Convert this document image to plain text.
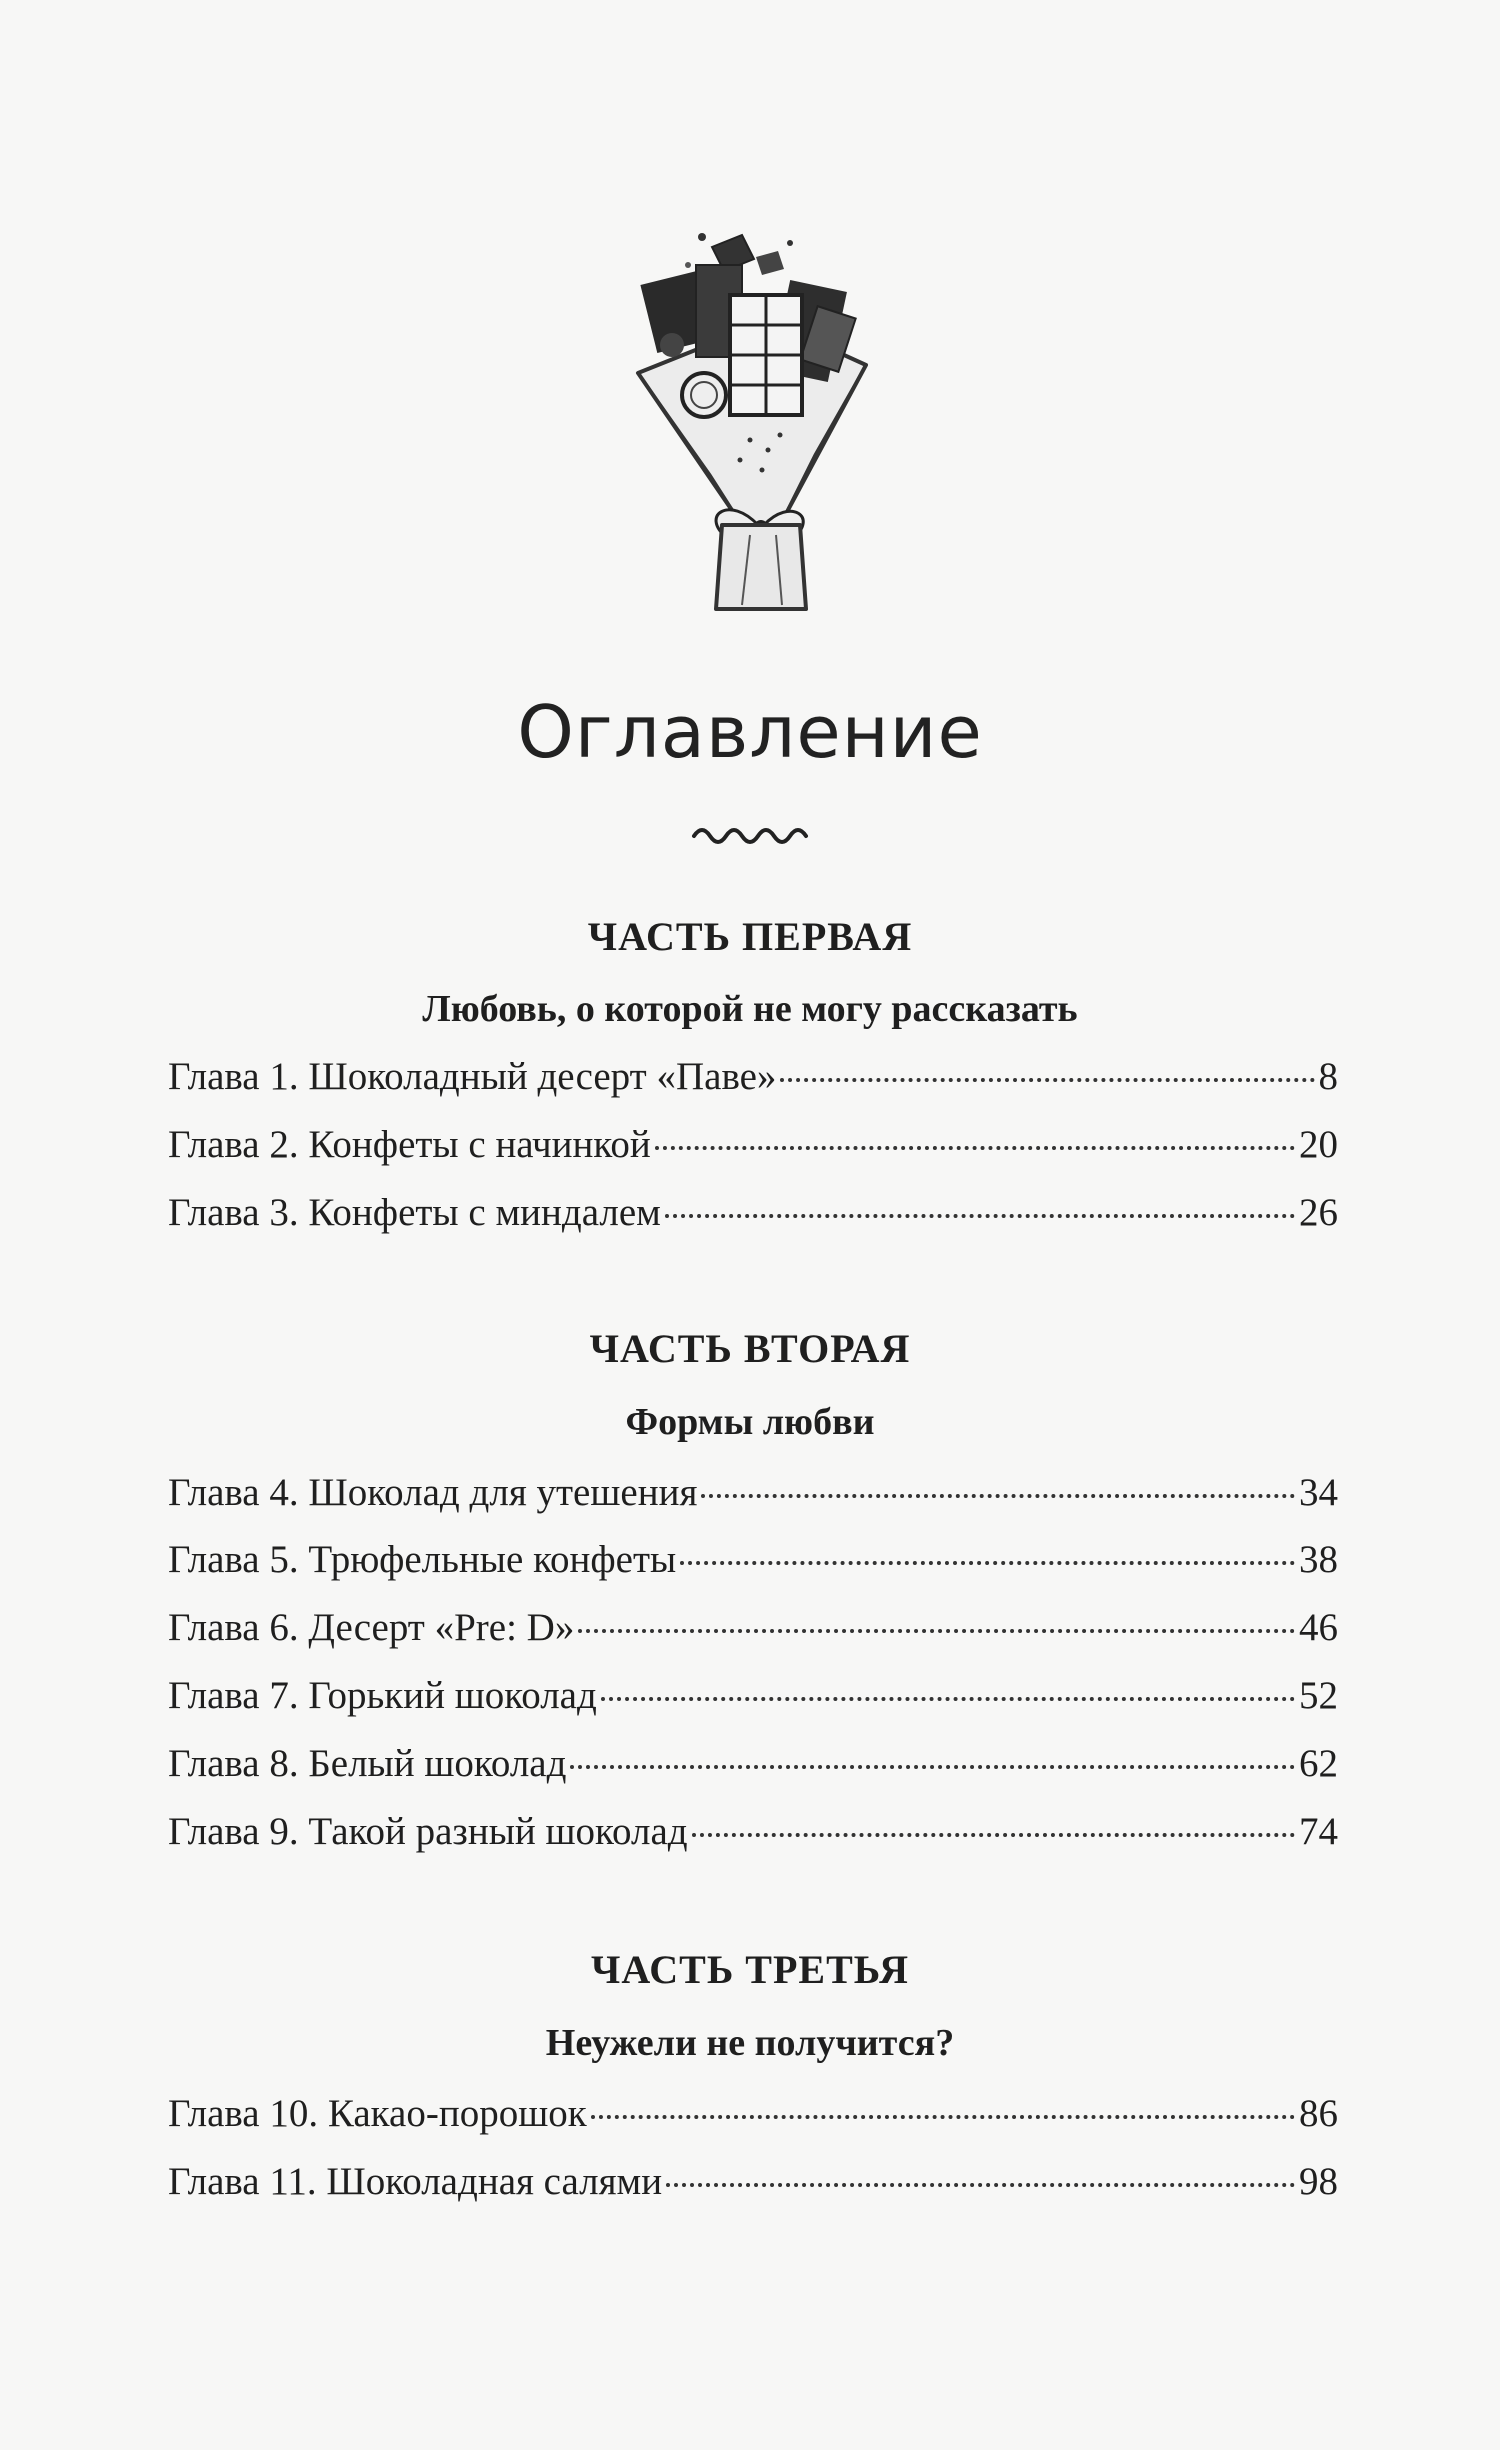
Оглавление
ЧАСТЬ ПЕРВАЯ
Любовь, о которой не могу рассказать
Глава 1. Шоколадный десерт «Паве»	8
Глава 2. Конфеты с начинкой	20
Глава 3. Конфеты с миндалем	26
ЧАСТЬ ВТОРАЯ
Формы любви
Глава 4. Шоколад для утешения	34
Глава 5. Трюфельные конфеты	38
Глава 6. Десерт «Pre: D»	46
Глава 7. Горький шоколад	52
Глава 8. Белый шоколад	62
Глава 9. Такой разный шоколад	74
ЧАСТЬ ТРЕТЬЯ
Неужели не получится?
Глава 10. Какао-порошок	86
Глава 11. Шоколадная салями	98
